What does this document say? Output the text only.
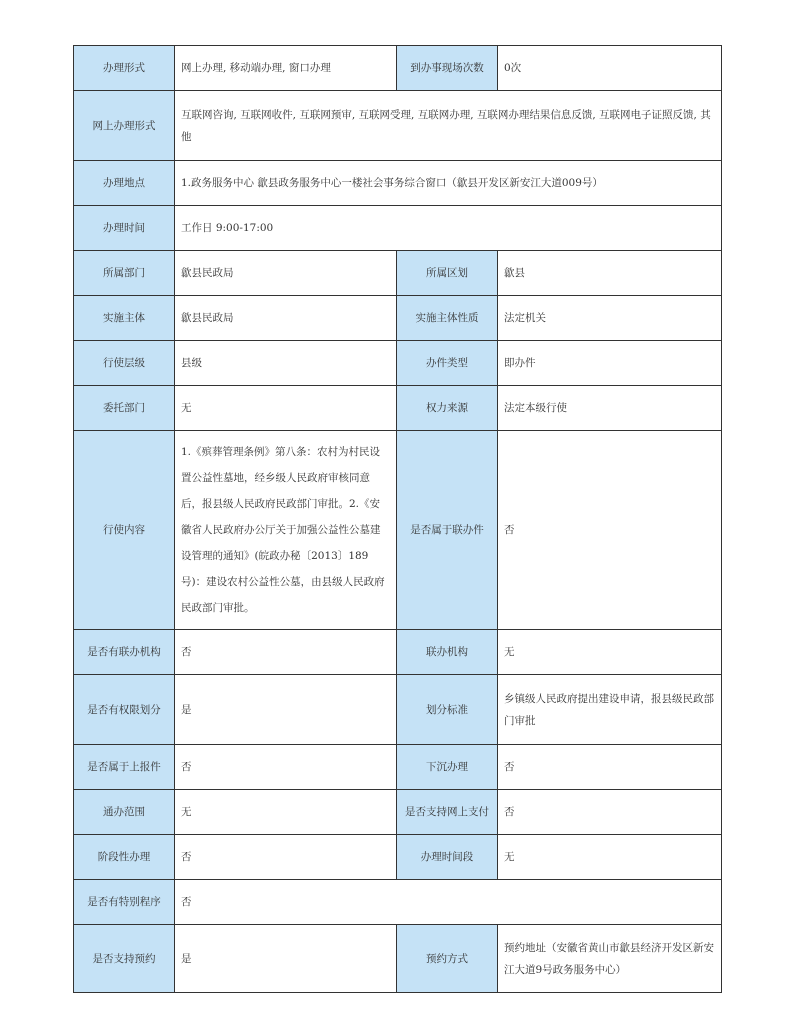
办理形式	网上办理, 移动端办理, 窗口办理	到办事现场次数	0次
网上办理形式	互联网咨询, 互联网收件, 互联网预审, 互联网受理, 互联网办理, 互联网办理结果信息反馈, 互联网电子证照反馈, 其他		
办理地点	1.政务服务中心 歙县政务服务中心一楼社会事务综合窗口（歙县开发区新安江大道009号）		
办理时间	工作日 9:00-17:00		
所属部门	歙县民政局	所属区划	歙县
实施主体	歙县民政局	实施主体性质	法定机关
行使层级	县级	办件类型	即办件
委托部门	无	权力来源	法定本级行使
行使内容	1.《殡葬管理条例》第八条：农村为村民设置公益性墓地，经乡级人民政府审核同意后，报县级人民政府民政部门审批。2.《安徽省人民政府办公厅关于加强公益性公墓建设管理的通知》(皖政办秘〔2013〕189号)：建设农村公益性公墓，由县级人民政府民政部门审批。	是否属于联办件	否
是否有联办机构	否	联办机构	无
是否有权限划分	是	划分标准	乡镇级人民政府提出建设申请，报县级民政部门审批
是否属于上报件	否	下沉办理	否
通办范围	无	是否支持网上支付	否
阶段性办理	否	办理时间段	无
是否有特别程序	否		
是否支持预约	是	预约方式	预约地址（安徽省黄山市歙县经济开发区新安江大道9号政务服务中心）
